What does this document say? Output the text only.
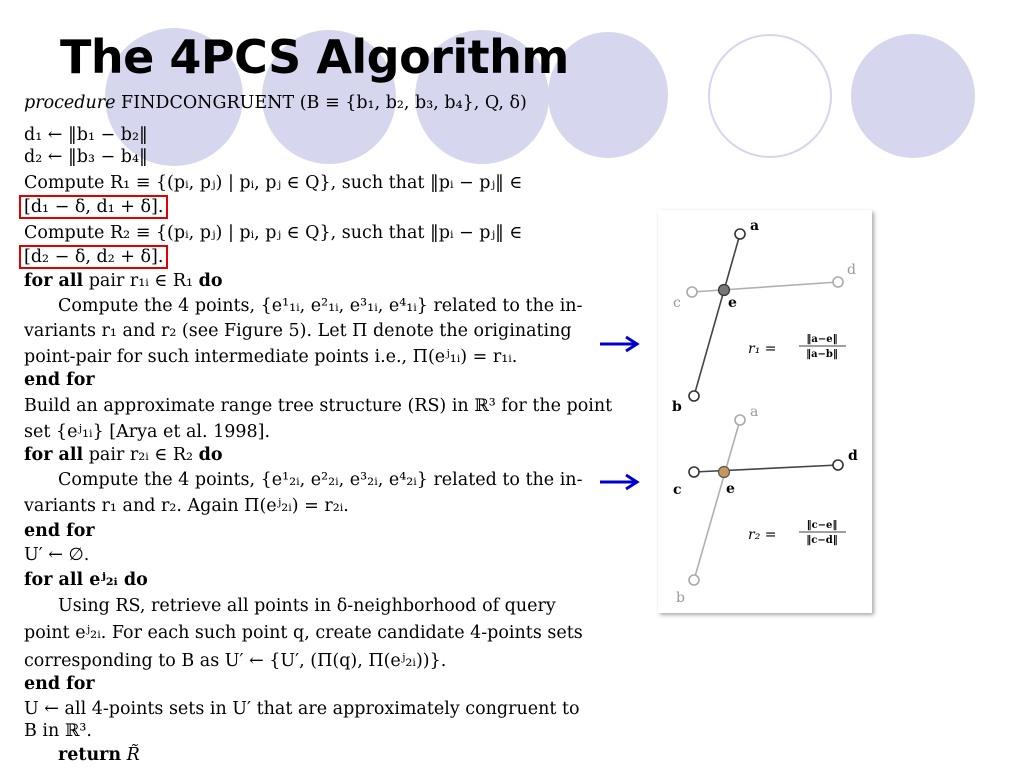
The 4PCS Algorithm
procedure FINDCONGRUENT (B ≡ {b₁, b₂, b₃, b₄}, Q, δ)
d₁ ← ‖b₁ − b₂‖
d₂ ← ‖b₃ − b₄‖
Compute R₁ ≡ {(pᵢ, pⱼ) | pᵢ, pⱼ ∈ Q}, such that ‖pᵢ − pⱼ‖ ∈
[d₁ − δ, d₁ + δ].
Compute R₂ ≡ {(pᵢ, pⱼ) | pᵢ, pⱼ ∈ Q}, such that ‖pᵢ − pⱼ‖ ∈
[d₂ − δ, d₂ + δ].
for all pair r₁ᵢ ∈ R₁ do
Compute the 4 points, {e¹₁ᵢ, e²₁ᵢ, e³₁ᵢ, e⁴₁ᵢ} related to the in-
variants r₁ and r₂ (see Figure 5). Let Π denote the originating
point-pair for such intermediate points i.e., Π(eʲ₁ᵢ) = r₁ᵢ.
end for
Build an approximate range tree structure (RS) in ℝ³ for the point
set {eʲ₁ᵢ} [Arya et al. 1998].
for all pair r₂ᵢ ∈ R₂ do
Compute the 4 points, {e¹₂ᵢ, e²₂ᵢ, e³₂ᵢ, e⁴₂ᵢ} related to the in-
variants r₁ and r₂. Again Π(eʲ₂ᵢ) = r₂ᵢ.
end for
U′ ← ∅.
for all eʲ₂ᵢ do
Using RS, retrieve all points in δ-neighborhood of query
point eʲ₂ᵢ. For each such point q, create candidate 4-points sets
corresponding to B as U′ ← {U′, (Π(q), Π(eʲ₂ᵢ))}.
end for
U ← all 4-points sets in U′ that are approximately congruent to
B in ℝ³.
return R̃
a
b
c
d
e
r₁ =
‖a−e‖
‖a−b‖
a
b
c
d
e
r₂ =
‖c−e‖
‖c−d‖
